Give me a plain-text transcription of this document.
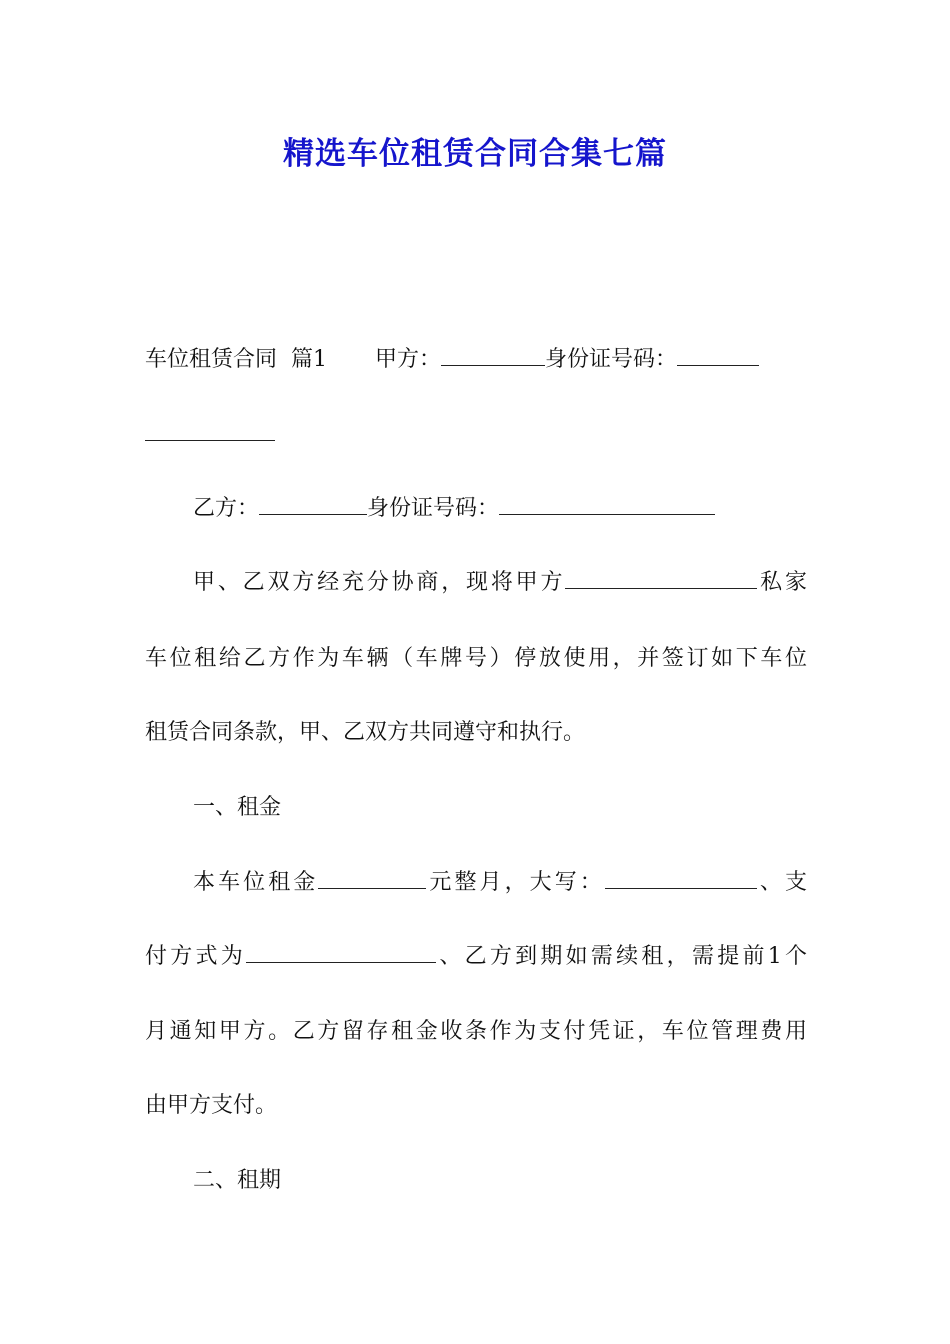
精选车位租赁合同合集七篇
车位租赁合同  篇1 甲方：	身份证号码：
乙方：	身份证号码：
甲、乙双方经充分协商，现将甲方	私家
车位租给乙方作为车辆（车牌号）停放使用，并签订如下车位
租赁合同条款，甲、乙双方共同遵守和执行。
一、租金
本车位租金	元整月，大写：	、支
付方式为	、乙方到期如需续租，需提前1个
月通知甲方。乙方留存租金收条作为支付凭证，车位管理费用
由甲方支付。
二、租期
